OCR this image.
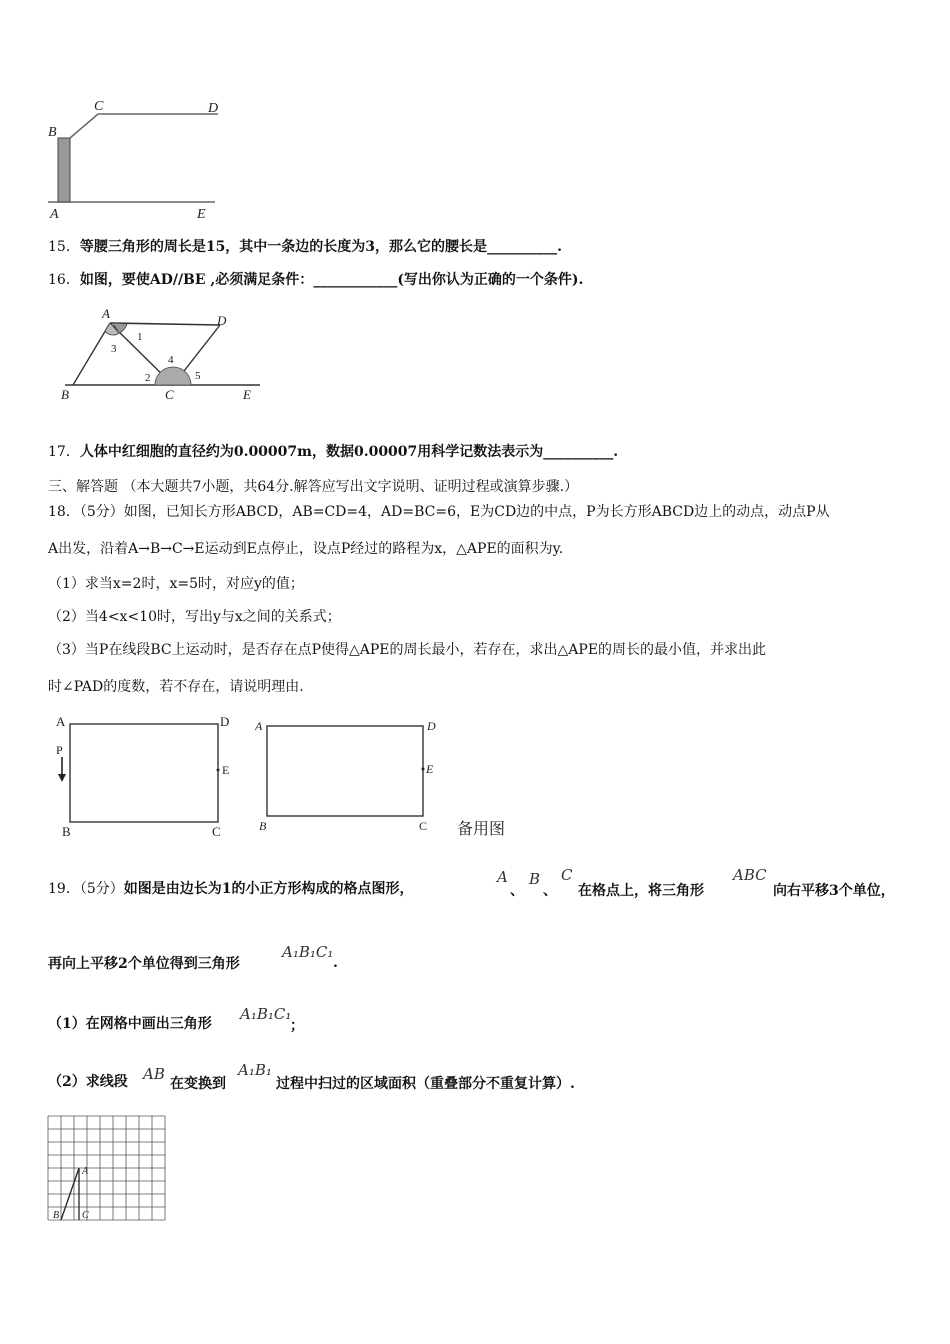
B
C	D
A	E
15．等腰三角形的周长是15，其中一条边的长度为3，那么它的腰长是__________.
16．如图，要使AD//BE ,必须满足条件：____________(写出你认为正确的一个条件).
A	D
B	C	E
1
3
2
4
5
17．人体中红细胞的直径约为0.00007m，数据0.00007用科学记数法表示为__________.
三、解答题 （本大题共7小题，共64分.解答应写出文字说明、证明过程或演算步骤.）
18．（5分）如图，已知长方形ABCD，AB=CD=4，AD=BC=6，E为CD边的中点，P为长方形ABCD边上的动点，动点P从
A出发，沿着A→B→C→E运动到E点停止，设点P经过的路程为x，△APE的面积为y.
（1）求当x=2时，x=5时，对应y的值；
（2）当4<x<10时，写出y与x之间的关系式；
（3）当P在线段BC上运动时，是否存在点P使得△APE的周长最小，若存在，求出△APE的周长的最小值，并求出此
时∠PAD的度数，若不存在，请说明理由.
A	D
P
E
B	C
A	D
E
B	C 备用图
19．（5分）如图是由边长为1的小正方形构成的格点图形，
A
、
B
、
C
在格点上，将三角形
ABC
向右平移3个单位，
再向上平移2个单位得到三角形
A₁B₁C₁
.
（1）在网格中画出三角形
A₁B₁C₁
；
（2）求线段 AB
在变换到
A₁B₁
过程中扫过的区域面积（重叠部分不重复计算）.
A
B C
